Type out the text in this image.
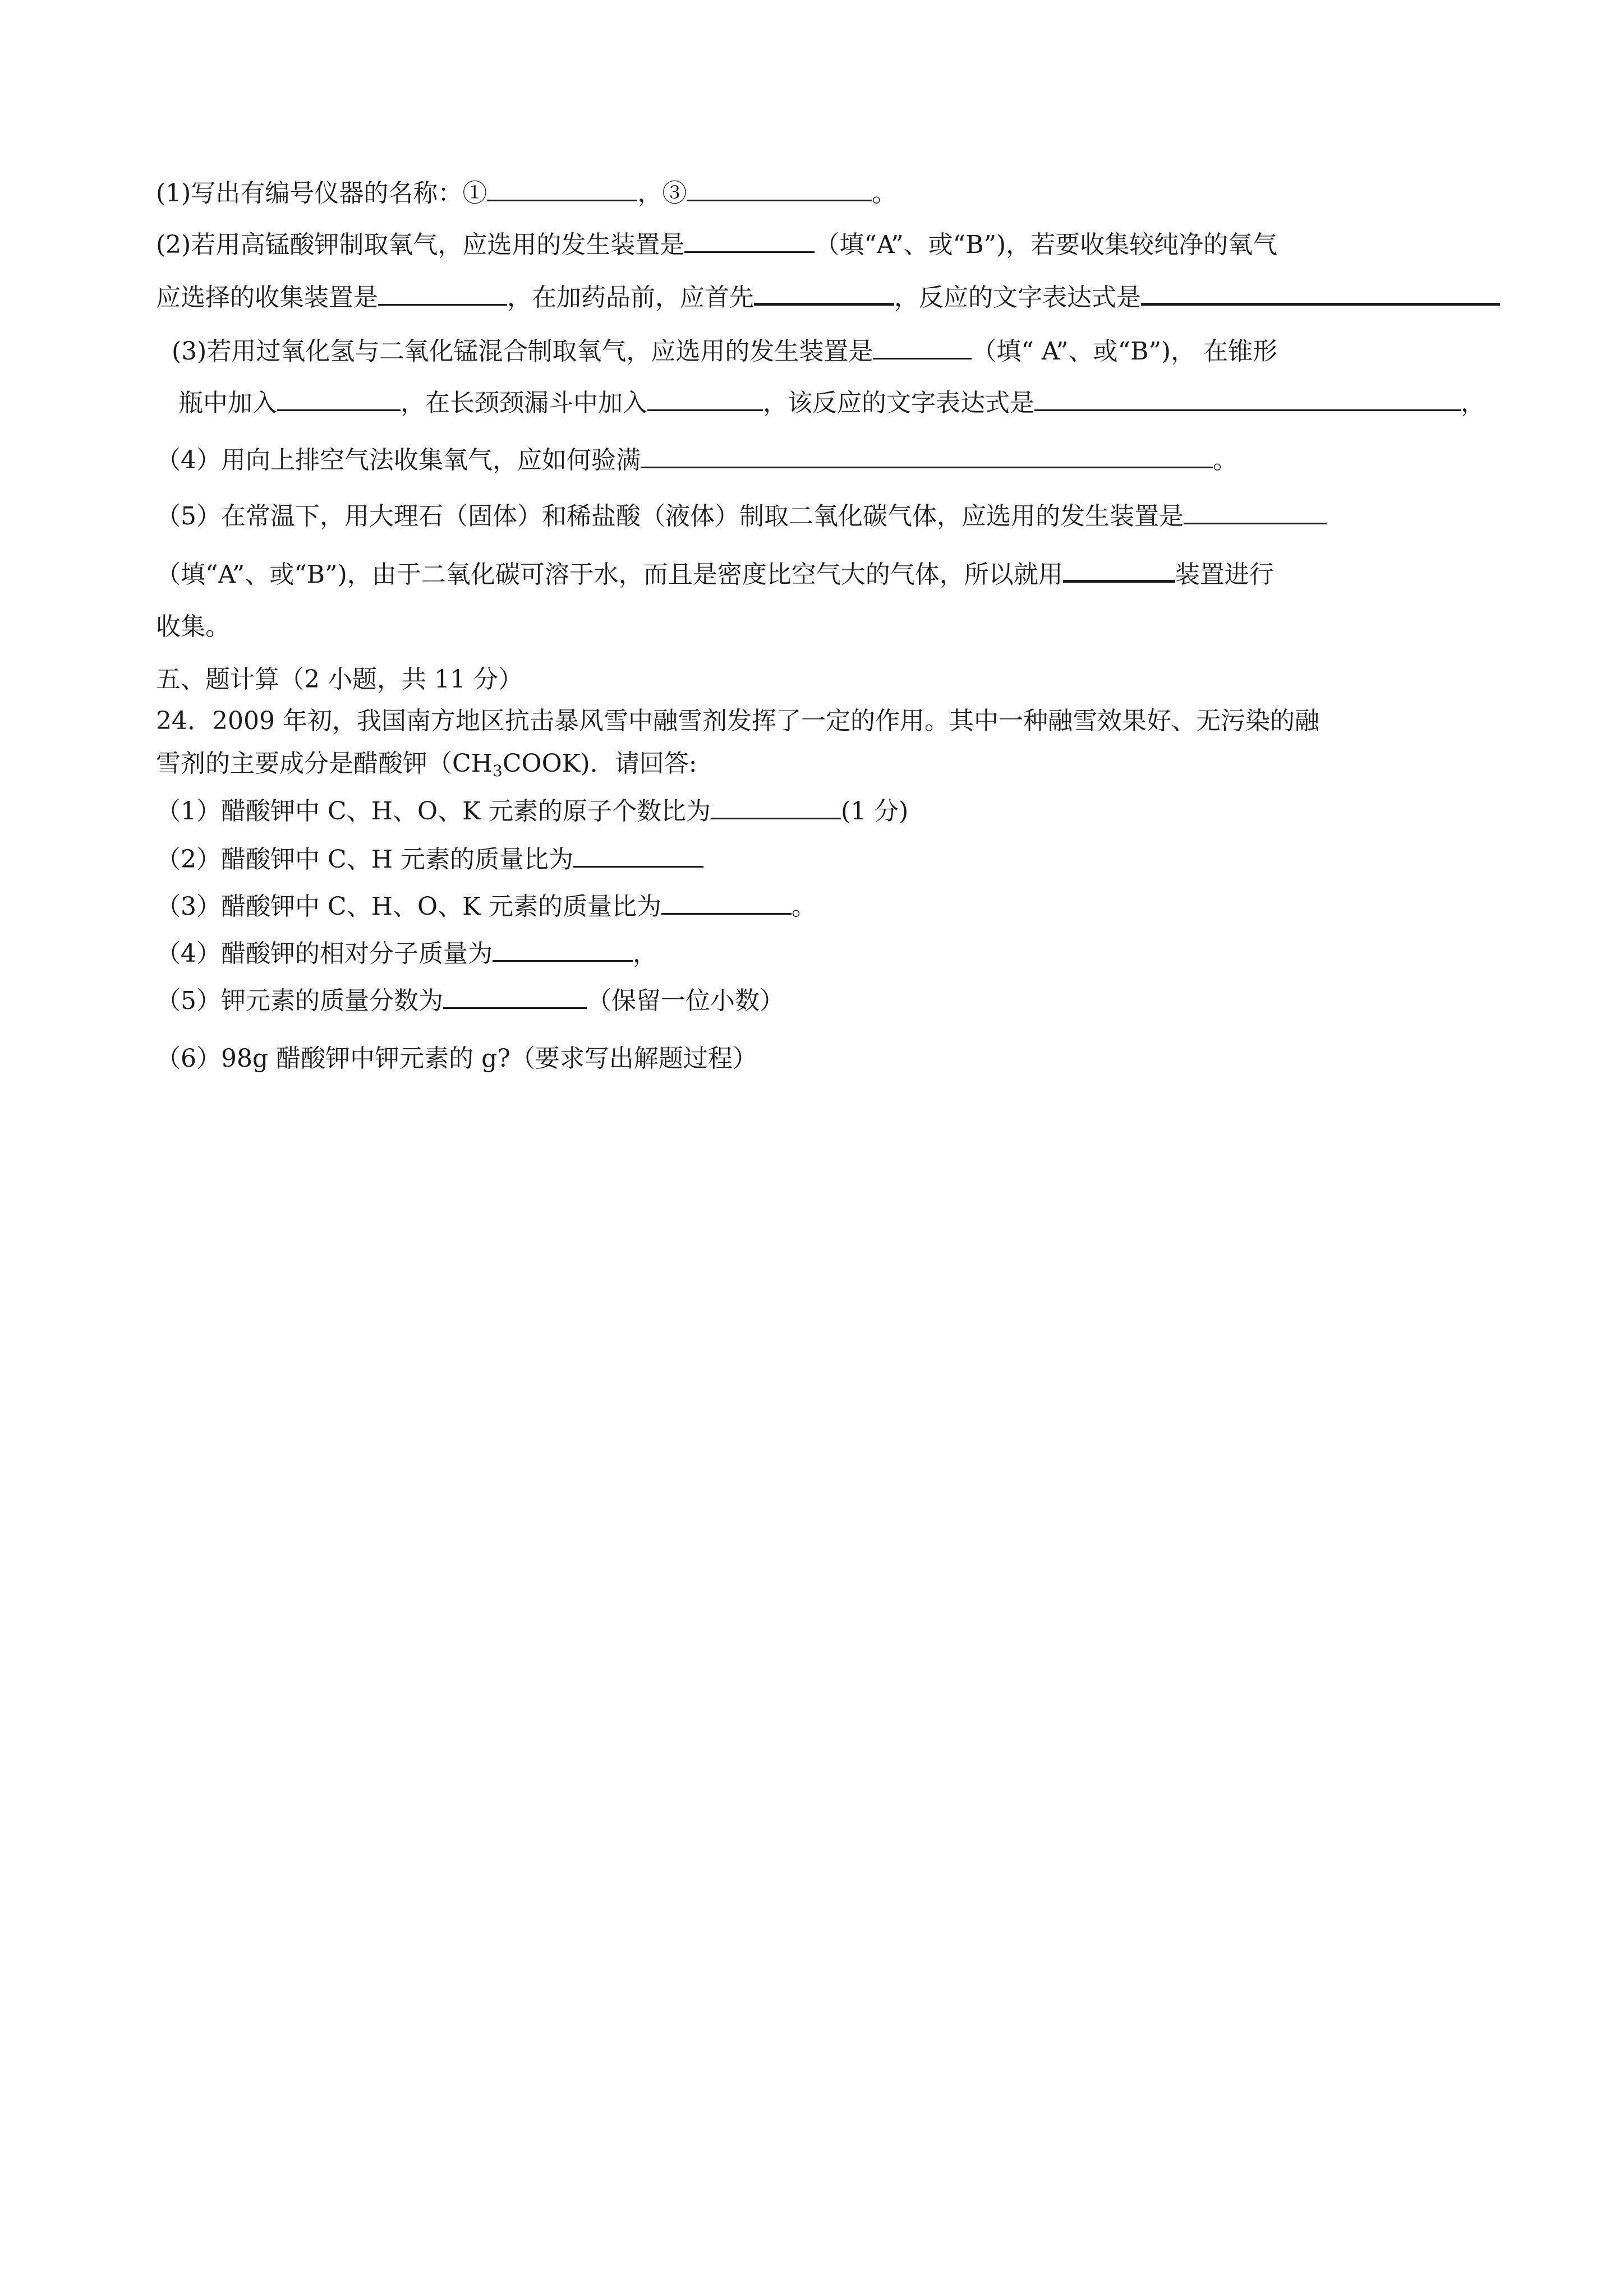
(1)写出有编号仪器的名称：①	，③	。
(2)若用高锰酸钾制取氧气，应选用的发生装置是	（填“A”、或“B”)，若要收集较纯净的氧气
应选择的收集装置是	，在加药品前，应首先	，反应的文字表达式是
(3)若用过氧化氢与二氧化锰混合制取氧气，应选用的发生装置是	（填“ A”、或“B”)， 在锥形
瓶中加入	，在长颈颈漏斗中加入	，该反应的文字表达式是	，
（4）用向上排空气法收集氧气，应如何验满	。
（5）在常温下，用大理石（固体）和稀盐酸（液体）制取二氧化碳气体，应选用的发生装置是
（填“A”、或“B”)，由于二氧化碳可溶于水，而且是密度比空气大的气体，所以就用	装置进行
收集。
五、题计算（2 小题，共 11 分）
24．2009 年初，我国南方地区抗击暴风雪中融雪剂发挥了一定的作用。其中一种融雪效果好、无污染的融
雪剂的主要成分是醋酸钾$(CH_3COOK)$．请回答:
（1）醋酸钾中 C、H、O、K 元素的原子个数比为	(1 分)
（2）醋酸钾中 C、H 元素的质量比为
（3）醋酸钾中 C、H、O、K 元素的质量比为	。
（4）醋酸钾的相对分子质量为	，
（5）钾元素的质量分数为	（保留一位小数）
（6）98g 醋酸钾中钾元素的 g?（要求写出解题过程）
